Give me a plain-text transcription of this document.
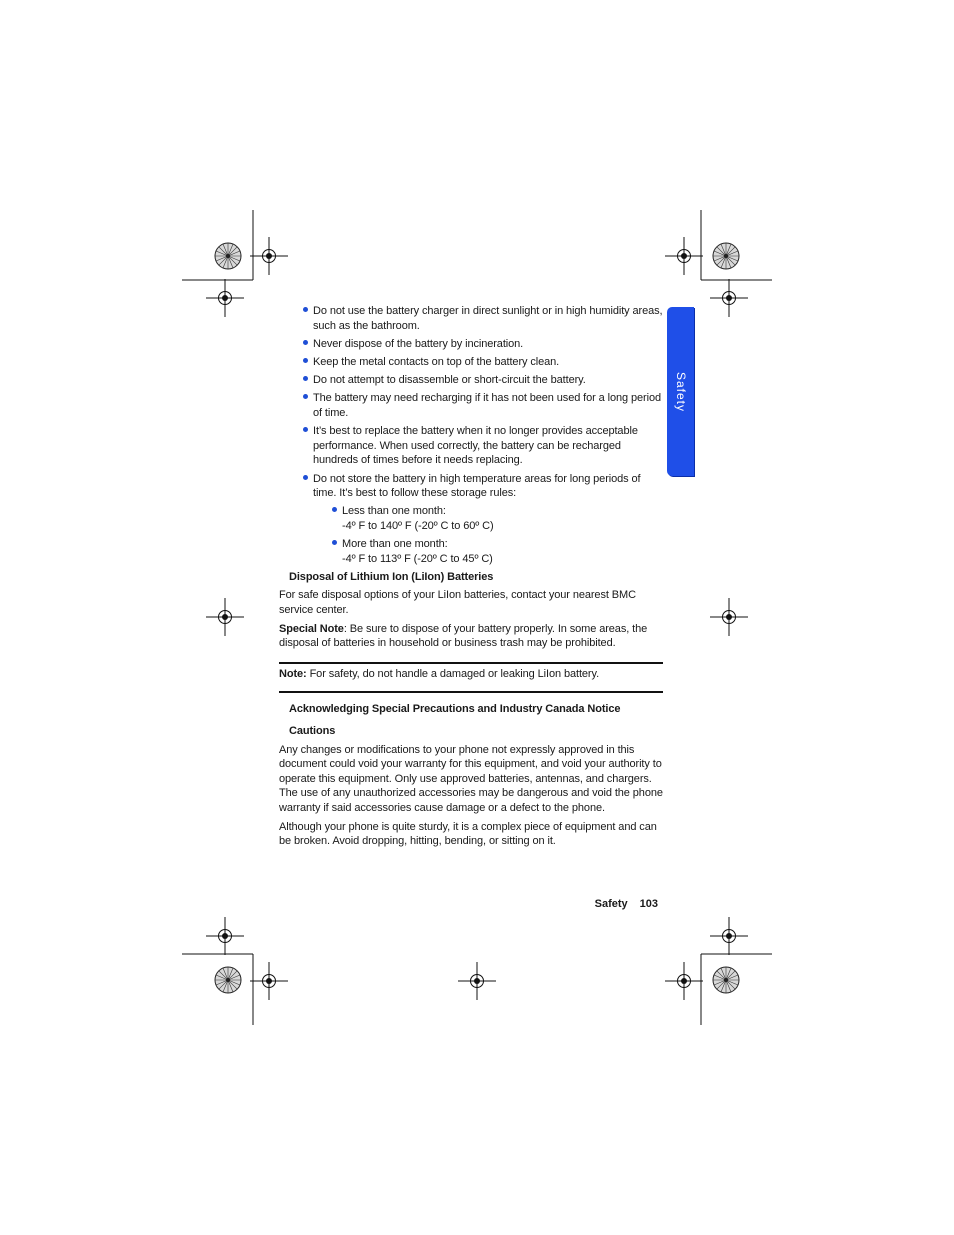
Safety
Do not use the battery charger in direct sunlight or in high humidity areas, such as the bathroom.
Never dispose of the battery by incineration.
Keep the metal contacts on top of the battery clean.
Do not attempt to disassemble or short-circuit the battery.
The battery may need recharging if it has not been used for a long period of time.
It’s best to replace the battery when it no longer provides acceptable performance. When used correctly, the battery can be recharged hundreds of times before it needs replacing.
Do not store the battery in high temperature areas for long periods of time. It’s best to follow these storage rules:
Less than one month:
-4º F to 140º F (-20º C to 60º C)
More than one month:
-4º F to 113º F (-20º C to 45º C)

Disposal of Lithium Ion (LiIon) Batteries

For safe disposal options of your LiIon batteries, contact your nearest BMC service center.

Special Note: Be sure to dispose of your battery properly. In some areas, the disposal of batteries in household or business trash may be prohibited.

Note: For safety, do not handle a damaged or leaking LiIon battery.

Acknowledging Special Precautions and Industry Canada Notice

Cautions

Any changes or modifications to your phone not expressly approved in this document could void your warranty for this equipment, and void your authority to operate this equipment. Only use approved batteries, antennas, and chargers. The use of any unauthorized accessories may be dangerous and void the phone warranty if said accessories cause damage or a defect to the phone.

Although your phone is quite sturdy, it is a complex piece of equipment and can be broken. Avoid dropping, hitting, bending, or sitting on it.

Safety 103
